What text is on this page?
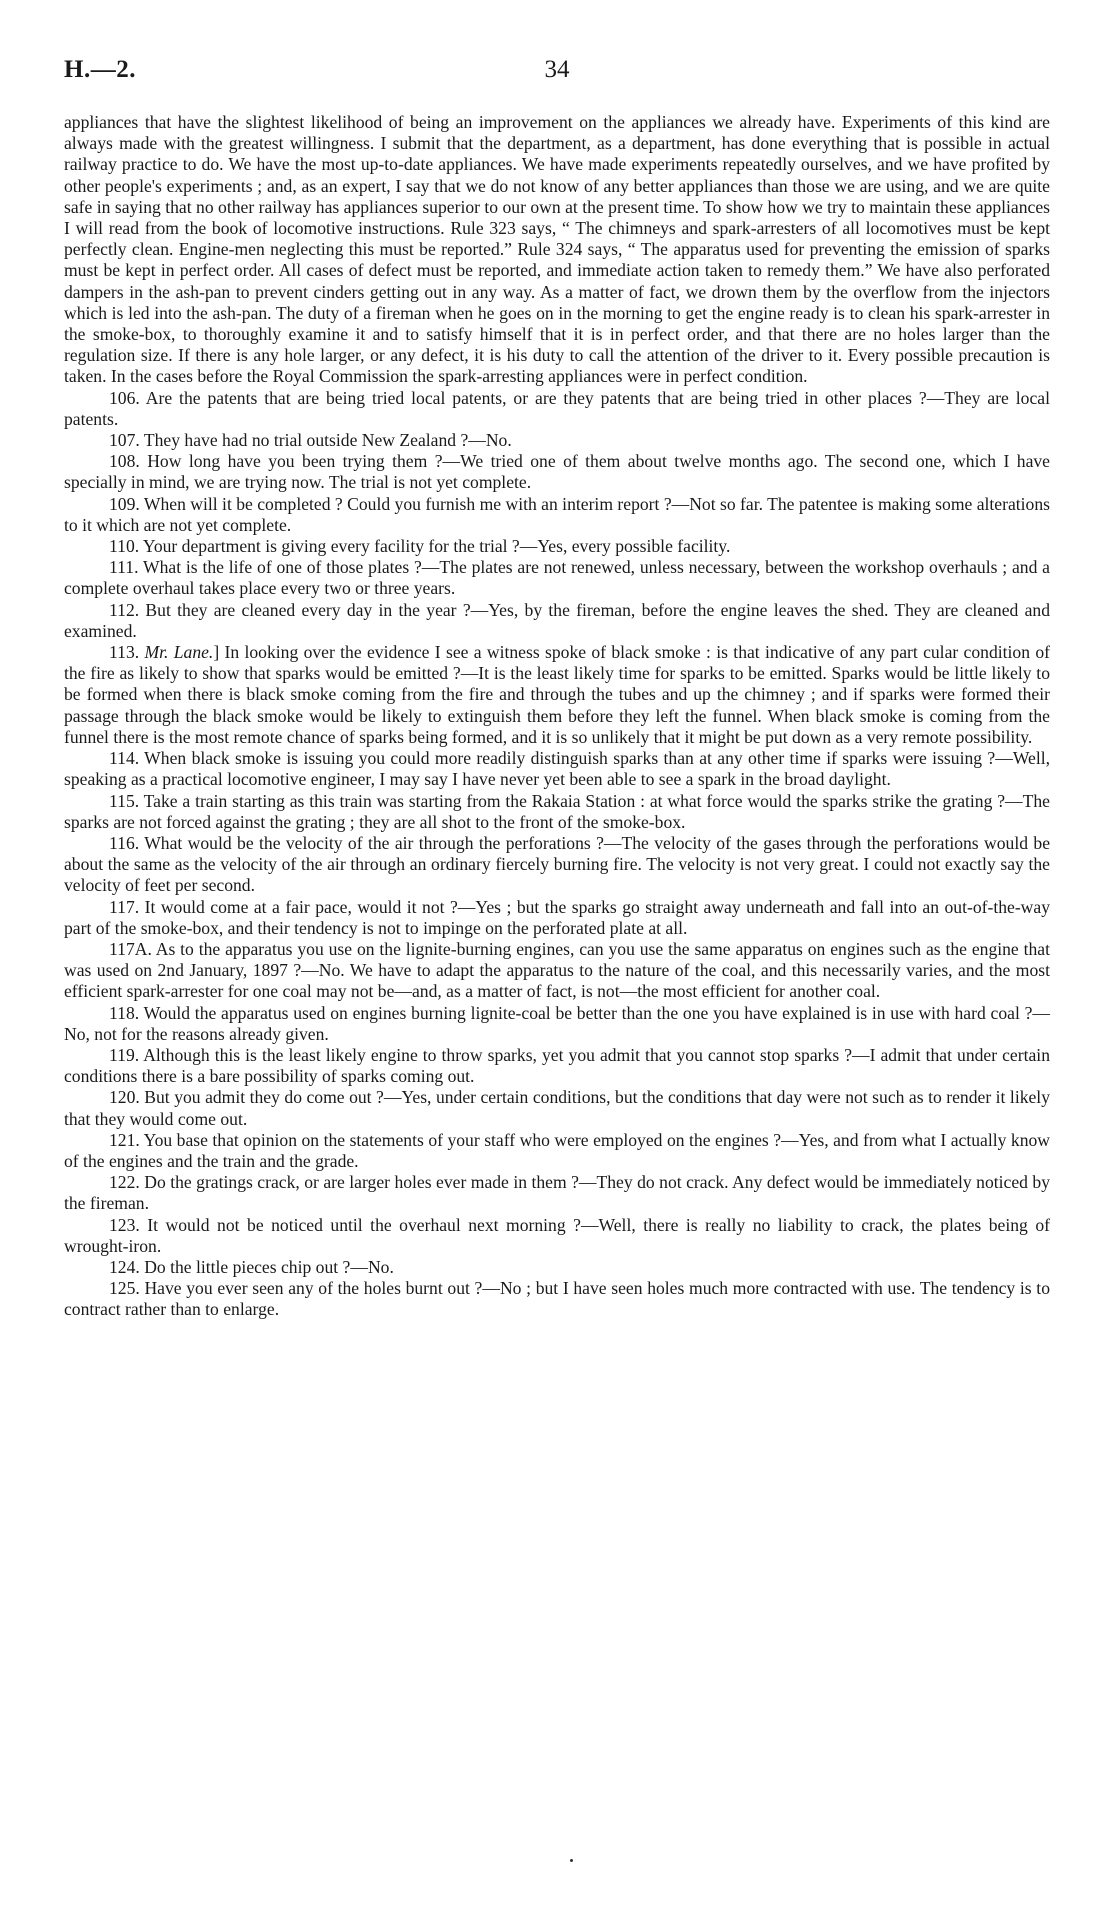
H.—2.	34

appliances that have the slightest likelihood of being an improvement on the appliances we already have. Experiments of this kind are always made with the greatest willingness. I submit that the department, as a department, has done everything that is possible in actual railway practice to do. We have the most up-to-date appliances. We have made experiments repeatedly ourselves, and we have profited by other people's experiments ; and, as an expert, I say that we do not know of any better appliances than those we are using, and we are quite safe in saying that no other railway has appliances superior to our own at the present time. To show how we try to maintain these appliances I will read from the book of locomotive instructions. Rule 323 says, “ The chimneys and spark-arresters of all locomotives must be kept perfectly clean. Engine-men neglecting this must be reported.” Rule 324 says, “ The apparatus used for preventing the emission of sparks must be kept in perfect order. All cases of defect must be reported, and immediate action taken to remedy them.” We have also perforated dampers in the ash-pan to prevent cinders getting out in any way. As a matter of fact, we drown them by the overflow from the injectors which is led into the ash-pan. The duty of a fireman when he goes on in the morning to get the engine ready is to clean his spark-arrester in the smoke-box, to thoroughly examine it and to satisfy himself that it is in perfect order, and that there are no holes larger than the regulation size. If there is any hole larger, or any defect, it is his duty to call the attention of the driver to it. Every possible precaution is taken. In the cases before the Royal Commission the spark-arresting appliances were in perfect condition.

106. Are the patents that are being tried local patents, or are they patents that are being tried in other places ?—They are local patents.

107. They have had no trial outside New Zealand ?—No.

108. How long have you been trying them ?—We tried one of them about twelve months ago. The second one, which I have specially in mind, we are trying now. The trial is not yet complete.

109. When will it be completed ? Could you furnish me with an interim report ?—Not so far. The patentee is making some alterations to it which are not yet complete.

110. Your department is giving every facility for the trial ?—Yes, every possible facility.

111. What is the life of one of those plates ?—The plates are not renewed, unless necessary, between the workshop overhauls ; and a complete overhaul takes place every two or three years.

112. But they are cleaned every day in the year ?—Yes, by the fireman, before the engine leaves the shed. They are cleaned and examined.

113. Mr. Lane.] In looking over the evidence I see a witness spoke of black smoke : is that indicative of any part cular condition of the fire as likely to show that sparks would be emitted ?—It is the least likely time for sparks to be emitted. Sparks would be little likely to be formed when there is black smoke coming from the fire and through the tubes and up the chimney ; and if sparks were formed their passage through the black smoke would be likely to extinguish them before they left the funnel. When black smoke is coming from the funnel there is the most remote chance of sparks being formed, and it is so unlikely that it might be put down as a very remote possibility.

114. When black smoke is issuing you could more readily distinguish sparks than at any other time if sparks were issuing ?—Well, speaking as a practical locomotive engineer, I may say I have never yet been able to see a spark in the broad daylight.

115. Take a train starting as this train was starting from the Rakaia Station : at what force would the sparks strike the grating ?—The sparks are not forced against the grating ; they are all shot to the front of the smoke-box.

116. What would be the velocity of the air through the perforations ?—The velocity of the gases through the perforations would be about the same as the velocity of the air through an ordinary fiercely burning fire. The velocity is not very great. I could not exactly say the velocity of feet per second.

117. It would come at a fair pace, would it not ?—Yes ; but the sparks go straight away underneath and fall into an out-of-the-way part of the smoke-box, and their tendency is not to impinge on the perforated plate at all.

117A. As to the apparatus you use on the lignite-burning engines, can you use the same apparatus on engines such as the engine that was used on 2nd January, 1897 ?—No. We have to adapt the apparatus to the nature of the coal, and this necessarily varies, and the most efficient spark-arrester for one coal may not be—and, as a matter of fact, is not—the most efficient for another coal.

118. Would the apparatus used on engines burning lignite-coal be better than the one you have explained is in use with hard coal ?—No, not for the reasons already given.

119. Although this is the least likely engine to throw sparks, yet you admit that you cannot stop sparks ?—I admit that under certain conditions there is a bare possibility of sparks coming out.

120. But you admit they do come out ?—Yes, under certain conditions, but the conditions that day were not such as to render it likely that they would come out.

121. You base that opinion on the statements of your staff who were employed on the engines ?—Yes, and from what I actually know of the engines and the train and the grade.

122. Do the gratings crack, or are larger holes ever made in them ?—They do not crack. Any defect would be immediately noticed by the fireman.

123. It would not be noticed until the overhaul next morning ?—Well, there is really no liability to crack, the plates being of wrought-iron.

124. Do the little pieces chip out ?—No.

125. Have you ever seen any of the holes burnt out ?—No ; but I have seen holes much more contracted with use. The tendency is to contract rather than to enlarge.
